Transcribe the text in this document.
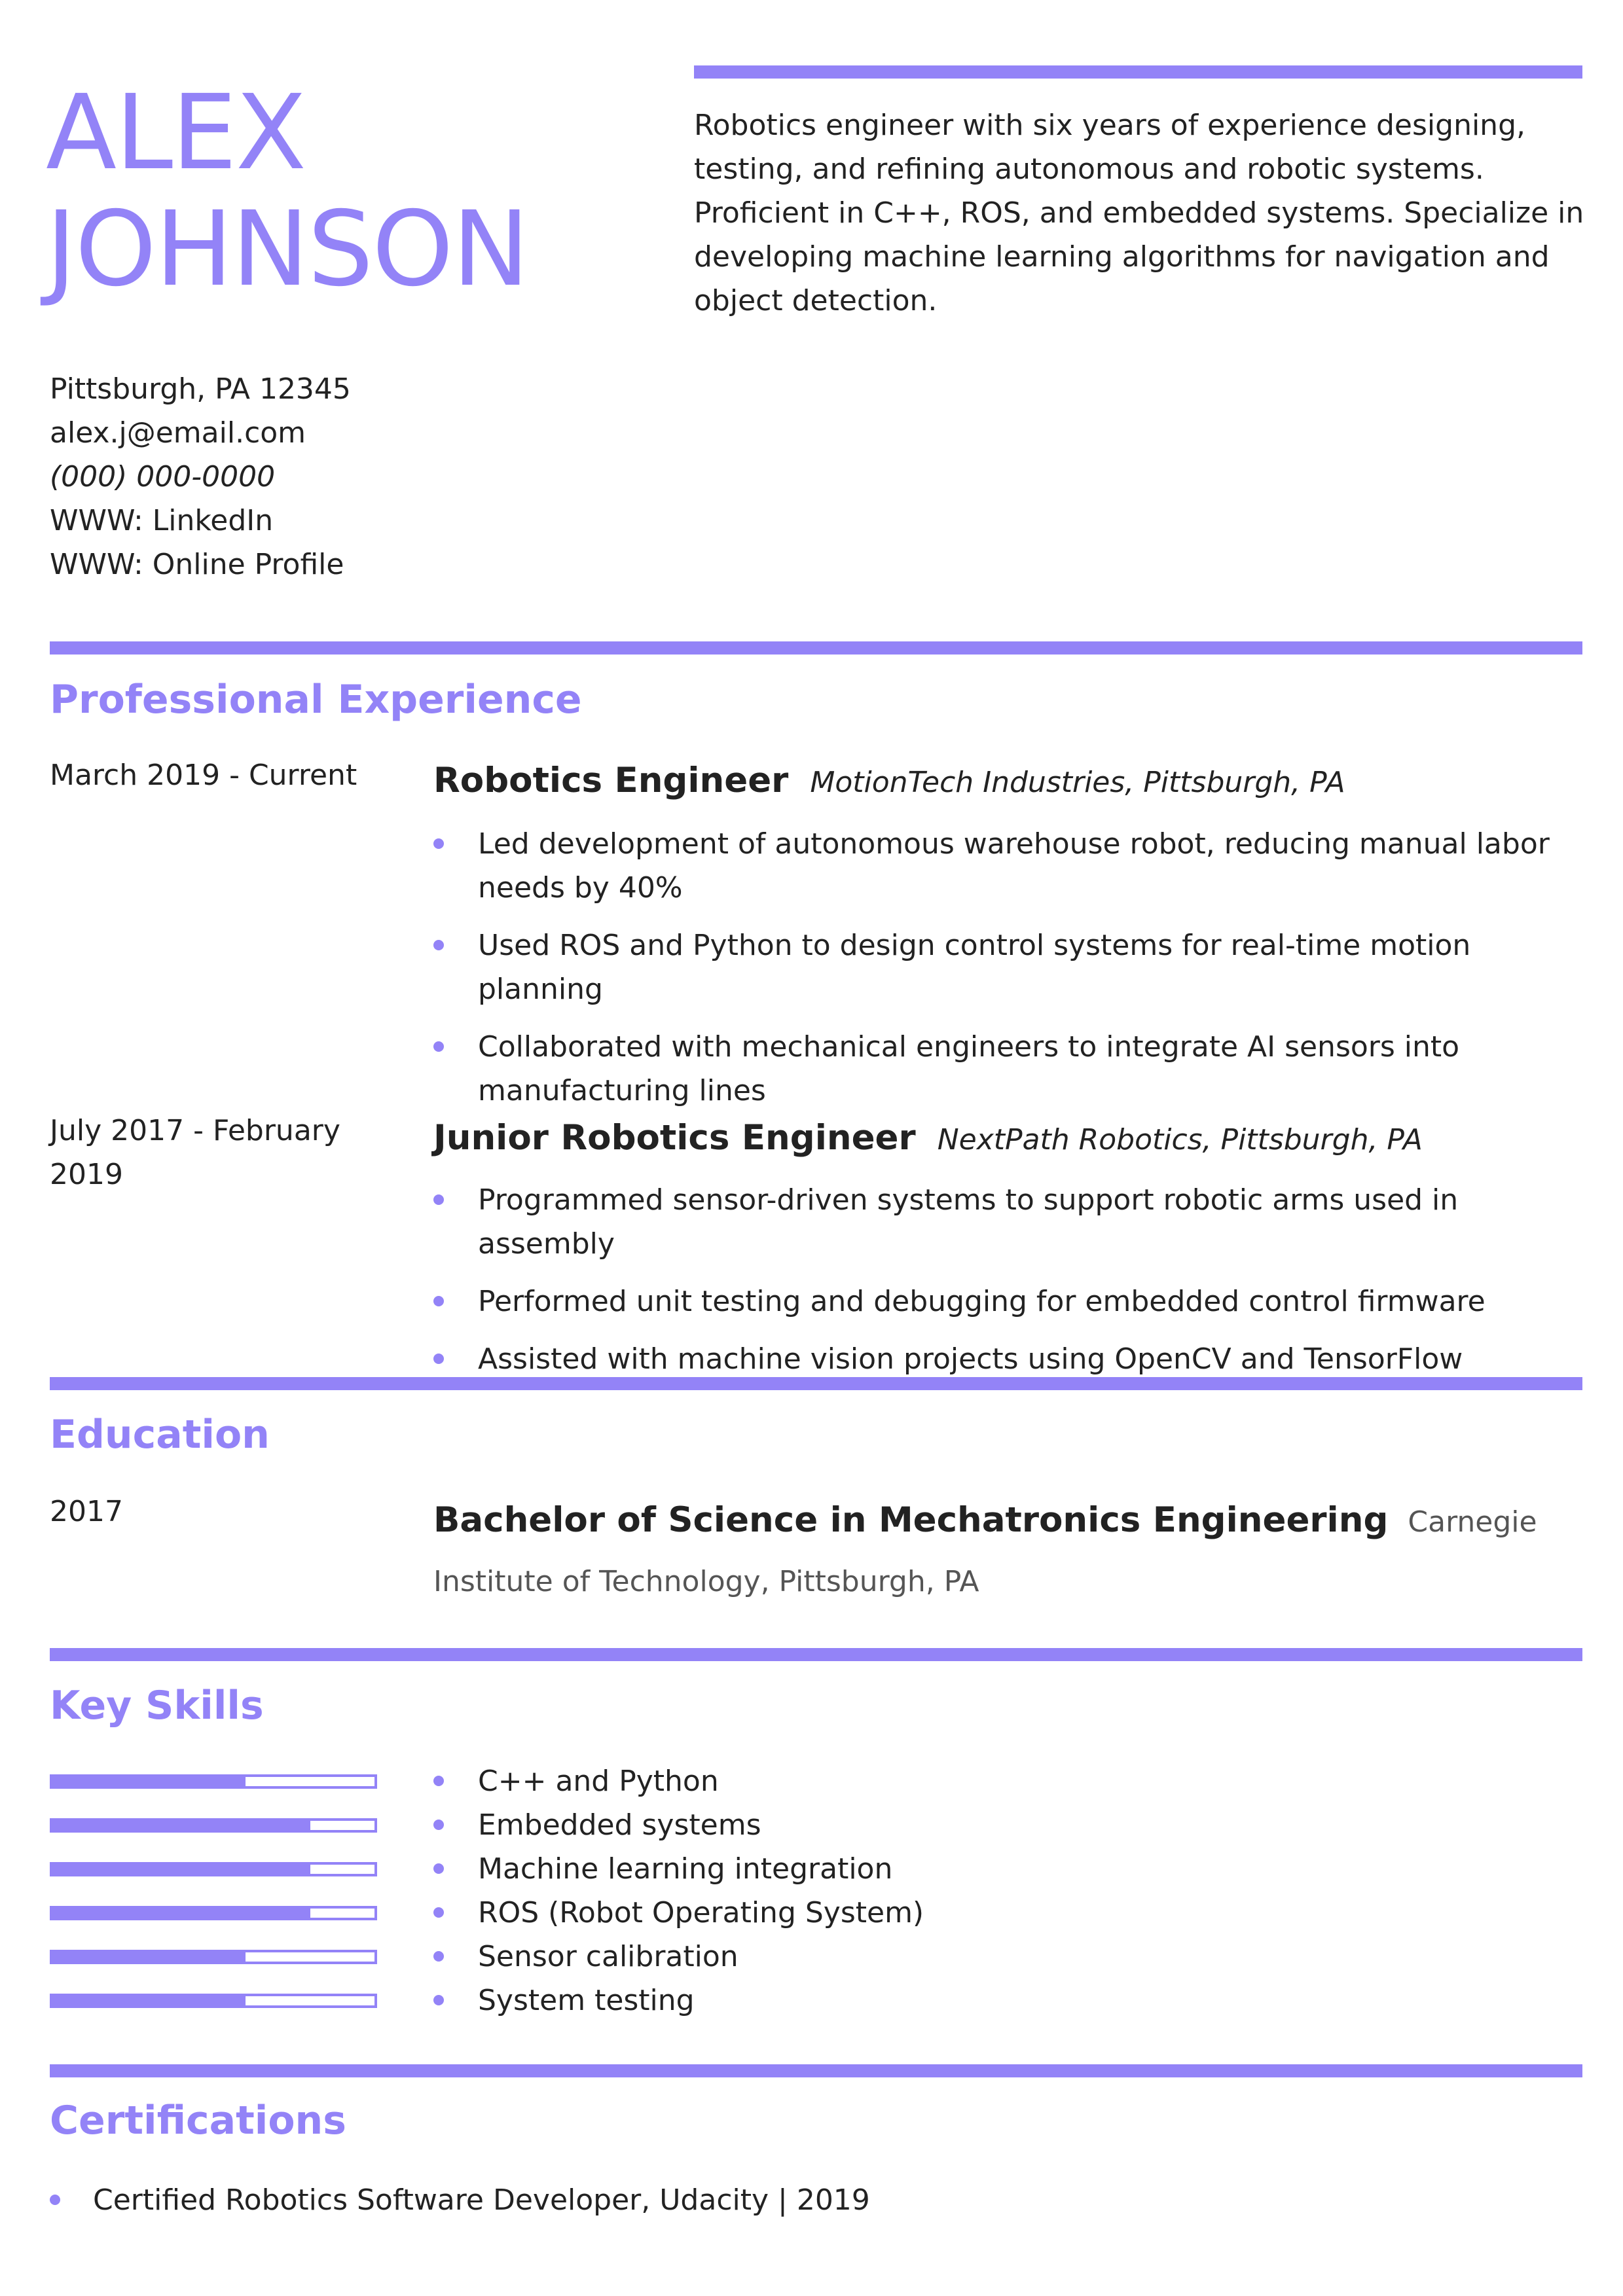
ALEX
JOHNSON

Robotics engineer with six years of experience designing, testing, and refining autonomous and robotic systems. Proficient in C++, ROS, and embedded systems. Specialize in developing machine learning algorithms for navigation and object detection.

Pittsburgh, PA 12345
alex.j@email.com
(000) 000-0000
WWW: LinkedIn
WWW: Online Profile
Professional Experience
March 2019 - Current	Robotics Engineer MotionTech Industries, Pittsburgh, PA
Led development of autonomous warehouse robot, reducing manual labor needs by 40%
Used ROS and Python to design control systems for real-time motion planning
Collaborated with mechanical engineers to integrate AI sensors into manufacturing lines
July 2017 - February 2019
Junior Robotics Engineer NextPath Robotics, Pittsburgh, PA
Programmed sensor-driven systems to support robotic arms used in assembly
Performed unit testing and debugging for embedded control firmware
Assisted with machine vision projects using OpenCV and TensorFlow
Education
2017	Bachelor of Science in Mechatronics Engineering Carnegie Institute of Technology, Pittsburgh, PA

Key Skills
C++ and Python
Embedded systems
Machine learning integration
ROS (Robot Operating System)
Sensor calibration
System testing
Certifications
Certified Robotics Software Developer, Udacity | 2019
